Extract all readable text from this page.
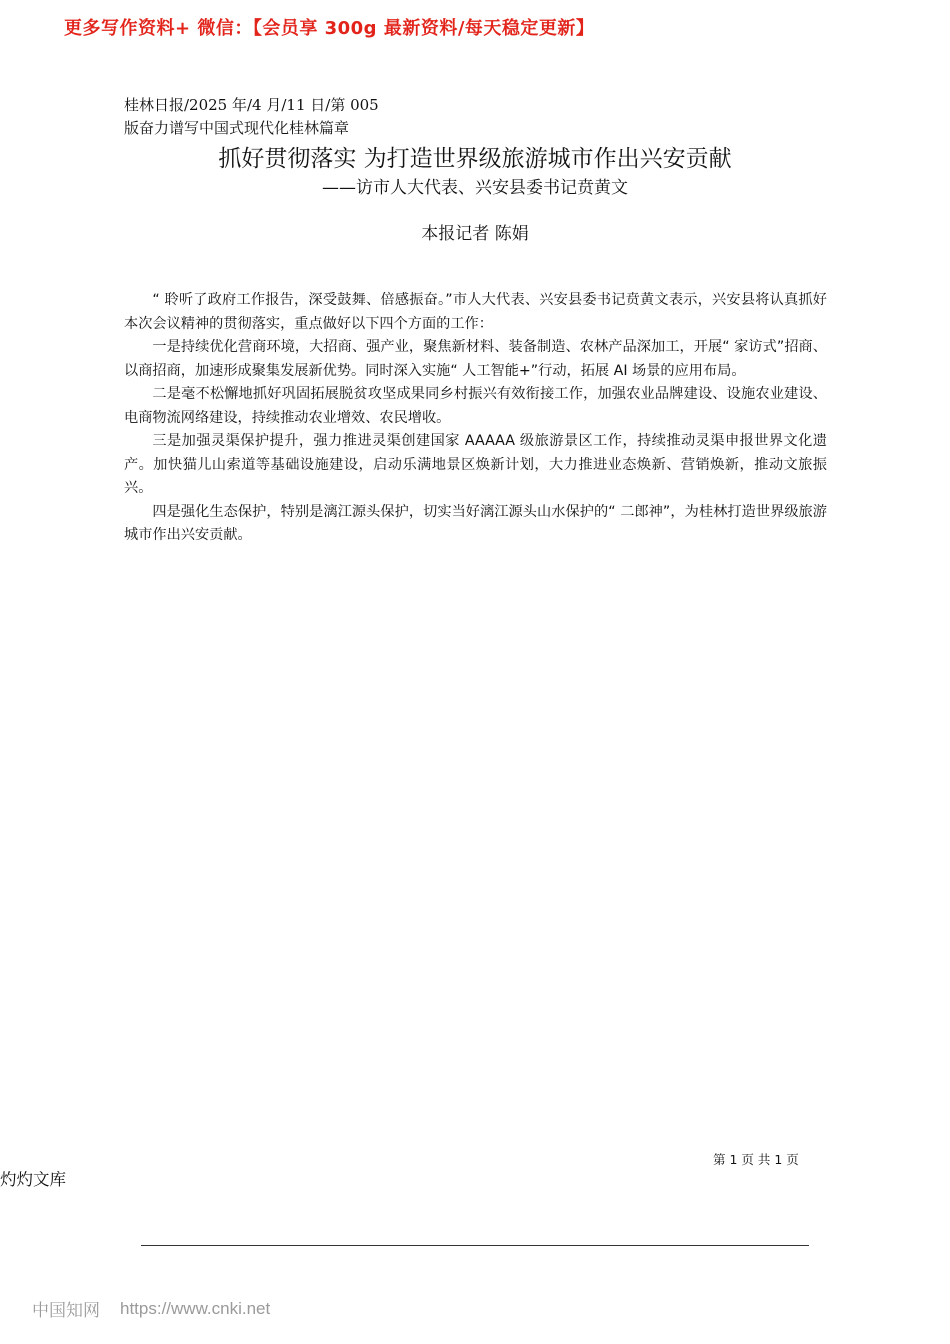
更多写作资料+ 微信：【会员享 300g 最新资料/每天稳定更新】
桂林日报/2025 年/4 月/11 日/第 005
版奋力谱写中国式现代化桂林篇章
抓好贯彻落实 为打造世界级旅游城市作出兴安贡献
——访市人大代表、兴安县委书记贲黄文
本报记者 陈娟

“ 聆听了政府工作报告，深受鼓舞、倍感振奋。”市人大代表、兴安县委书记贲黄文表示，兴安县将认真抓好本次会议精神的贯彻落实，重点做好以下四个方面的工作：

一是持续优化营商环境，大招商、强产业，聚焦新材料、装备制造、农林产品深加工，开展“ 家访式”招商、以商招商，加速形成聚集发展新优势。同时深入实施“ 人工智能+”行动，拓展 AI 场景的应用布局。

二是毫不松懈地抓好巩固拓展脱贫攻坚成果同乡村振兴有效衔接工作，加强农业品牌建设、设施农业建设、电商物流网络建设，持续推动农业增效、农民增收。

三是加强灵渠保护提升，强力推进灵渠创建国家 AAAAA 级旅游景区工作，持续推动灵渠申报世界文化遗产。加快猫儿山索道等基础设施建设，启动乐满地景区焕新计划，大力推进业态焕新、营销焕新，推动文旅振兴。

四是强化生态保护，特别是漓江源头保护，切实当好漓江源头山水保护的“ 二郎神”，为桂林打造世界级旅游城市作出兴安贡献。

第 1 页 共 1 页
灼灼文库
中国知网 https://www.cnki.net
